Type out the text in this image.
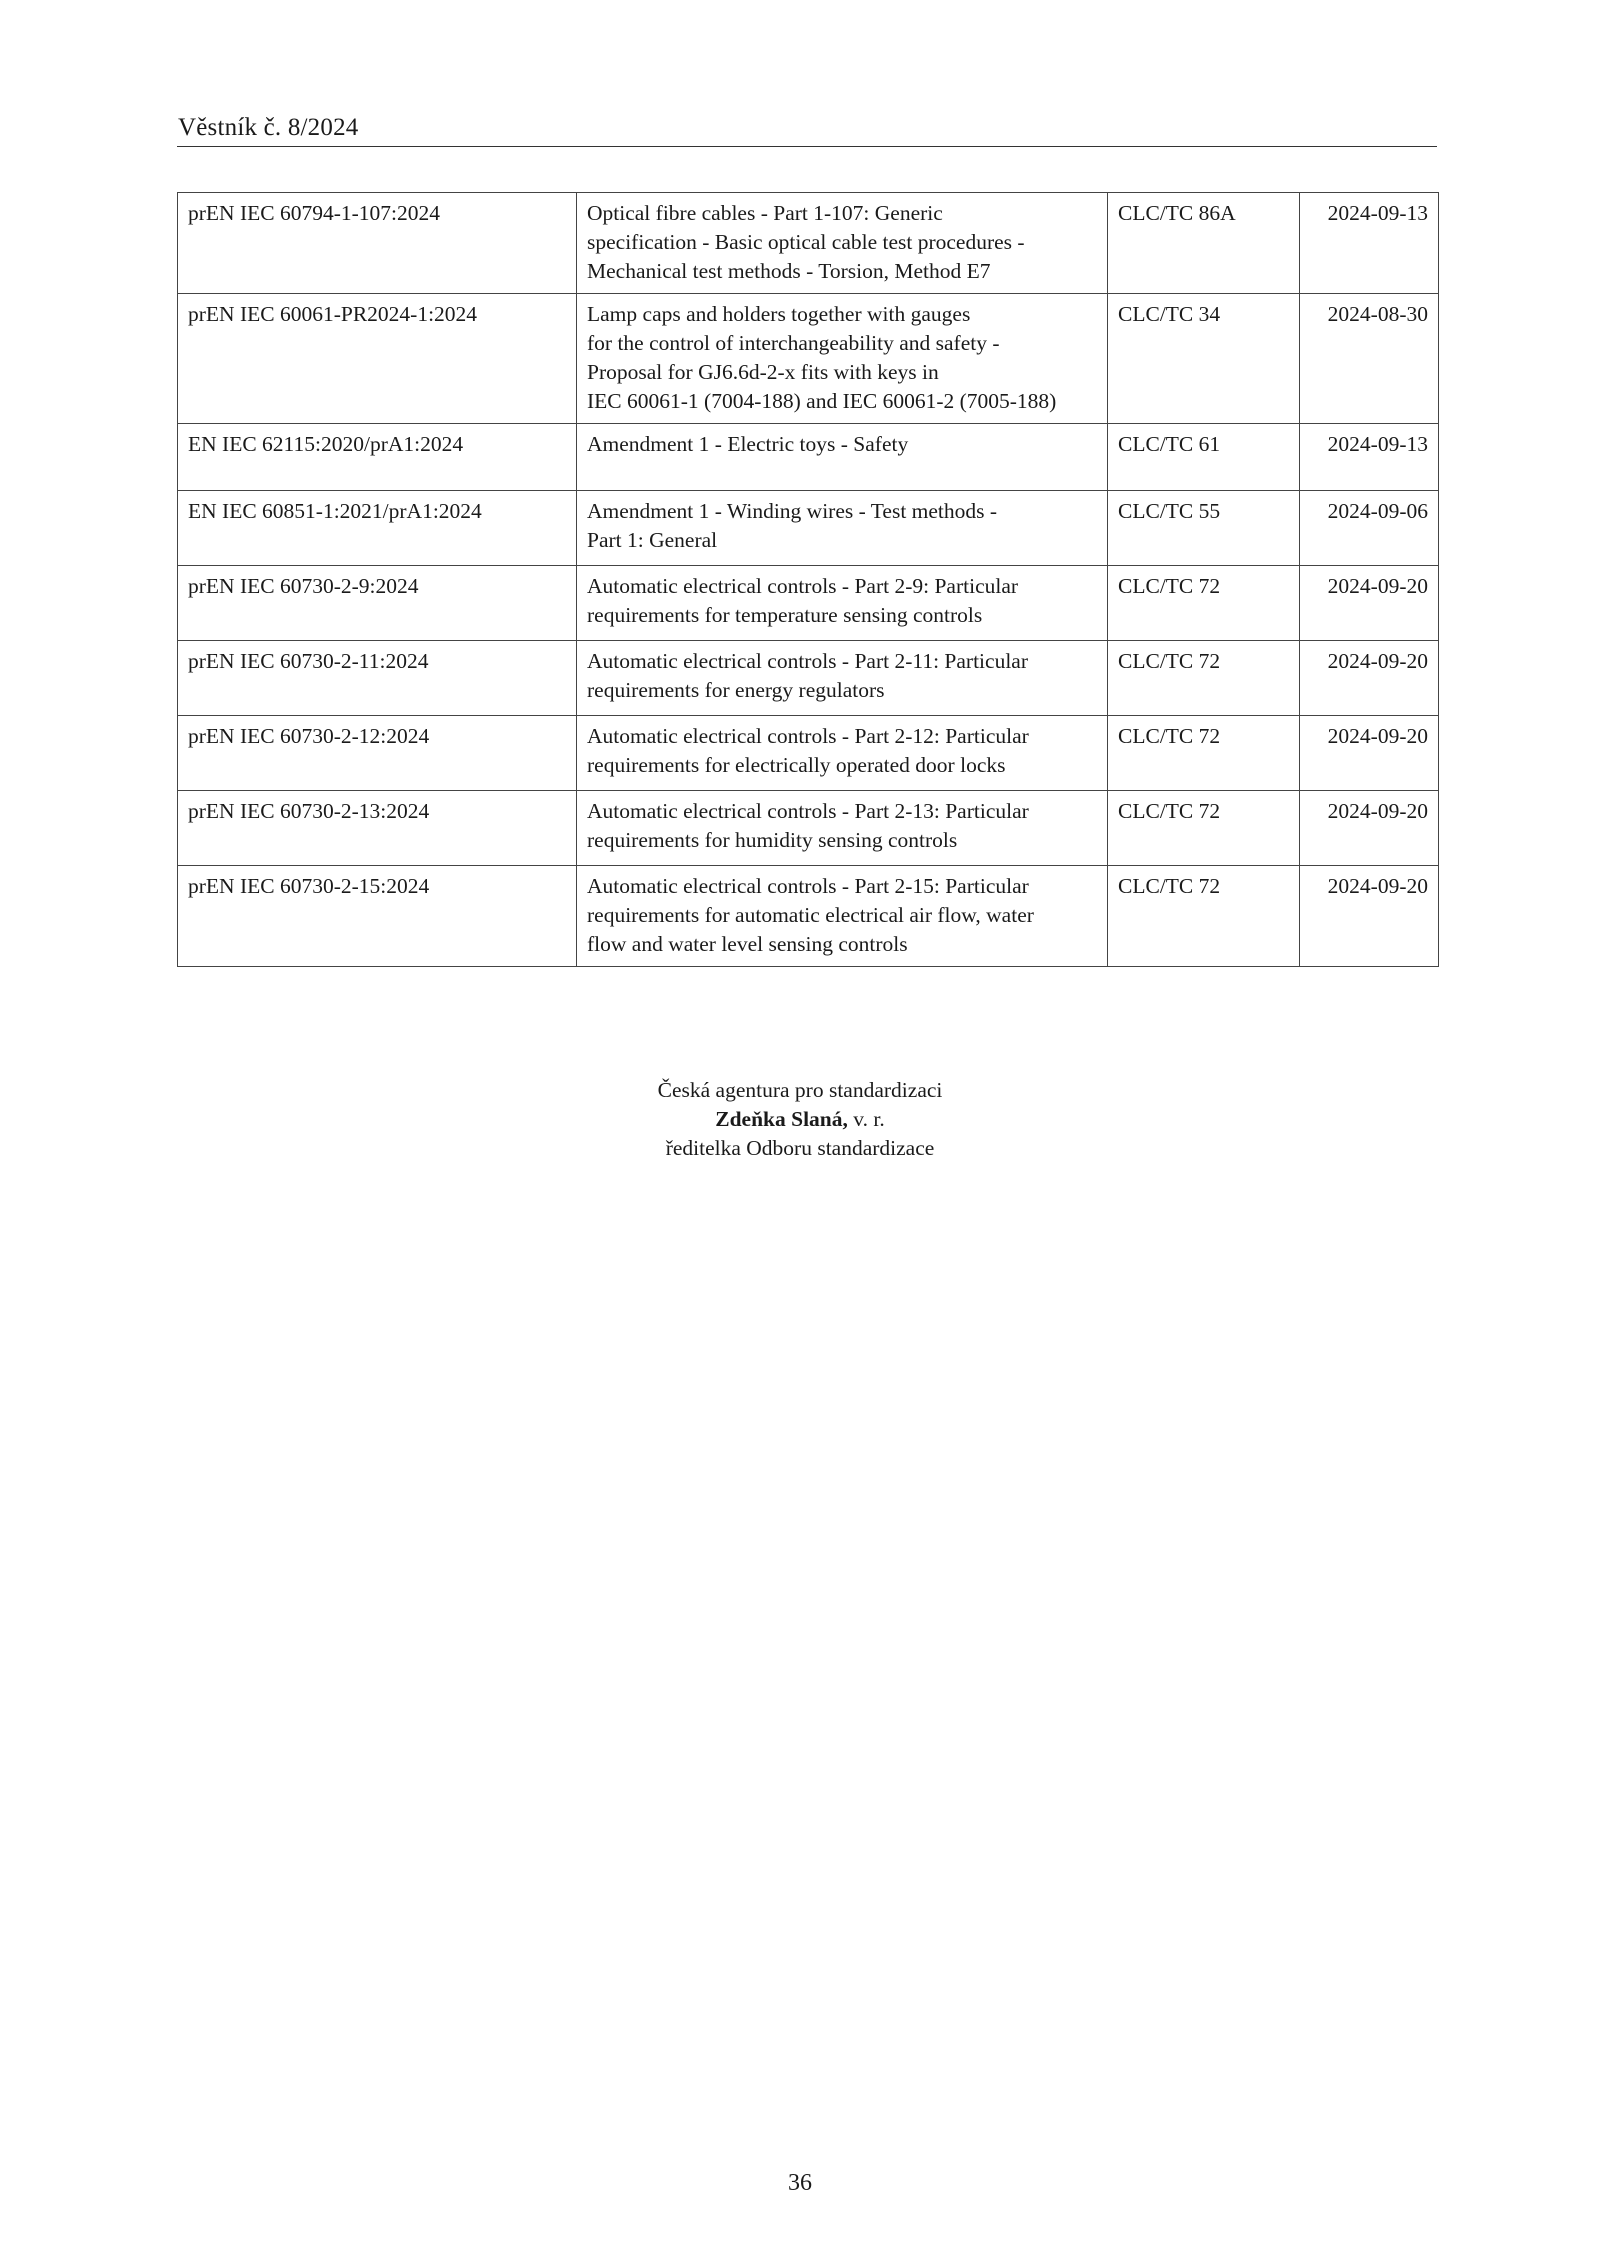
Věstník č. 8/2024
prEN IEC 60794-1-107:2024	Optical fibre cables - Part 1-107: Generic
specification - Basic optical cable test procedures -
Mechanical test methods - Torsion, Method E7	CLC/TC 86A	2024-09-13
prEN IEC 60061-PR2024-1:2024	Lamp caps and holders together with gauges
for the control of interchangeability and safety -
Proposal for GJ6.6d-2-x fits with keys in
IEC 60061-1 (7004-188) and IEC 60061-2 (7005-188)	CLC/TC 34	2024-08-30
EN IEC 62115:2020/prA1:2024	Amendment 1 - Electric toys - Safety	CLC/TC 61	2024-09-13
EN IEC 60851-1:2021/prA1:2024	Amendment 1 - Winding wires - Test methods -
Part 1: General	CLC/TC 55	2024-09-06
prEN IEC 60730-2-9:2024	Automatic electrical controls - Part 2-9: Particular
requirements for temperature sensing controls	CLC/TC 72	2024-09-20
prEN IEC 60730-2-11:2024	Automatic electrical controls - Part 2-11: Particular
requirements for energy regulators	CLC/TC 72	2024-09-20
prEN IEC 60730-2-12:2024	Automatic electrical controls - Part 2-12: Particular
requirements for electrically operated door locks	CLC/TC 72	2024-09-20
prEN IEC 60730-2-13:2024	Automatic electrical controls - Part 2-13: Particular
requirements for humidity sensing controls	CLC/TC 72	2024-09-20
prEN IEC 60730-2-15:2024	Automatic electrical controls - Part 2-15: Particular
requirements for automatic electrical air flow, water
flow and water level sensing controls	CLC/TC 72	2024-09-20
Česká agentura pro standardizaci
Zdeňka Slaná, v. r.
ředitelka Odboru standardizace
36
